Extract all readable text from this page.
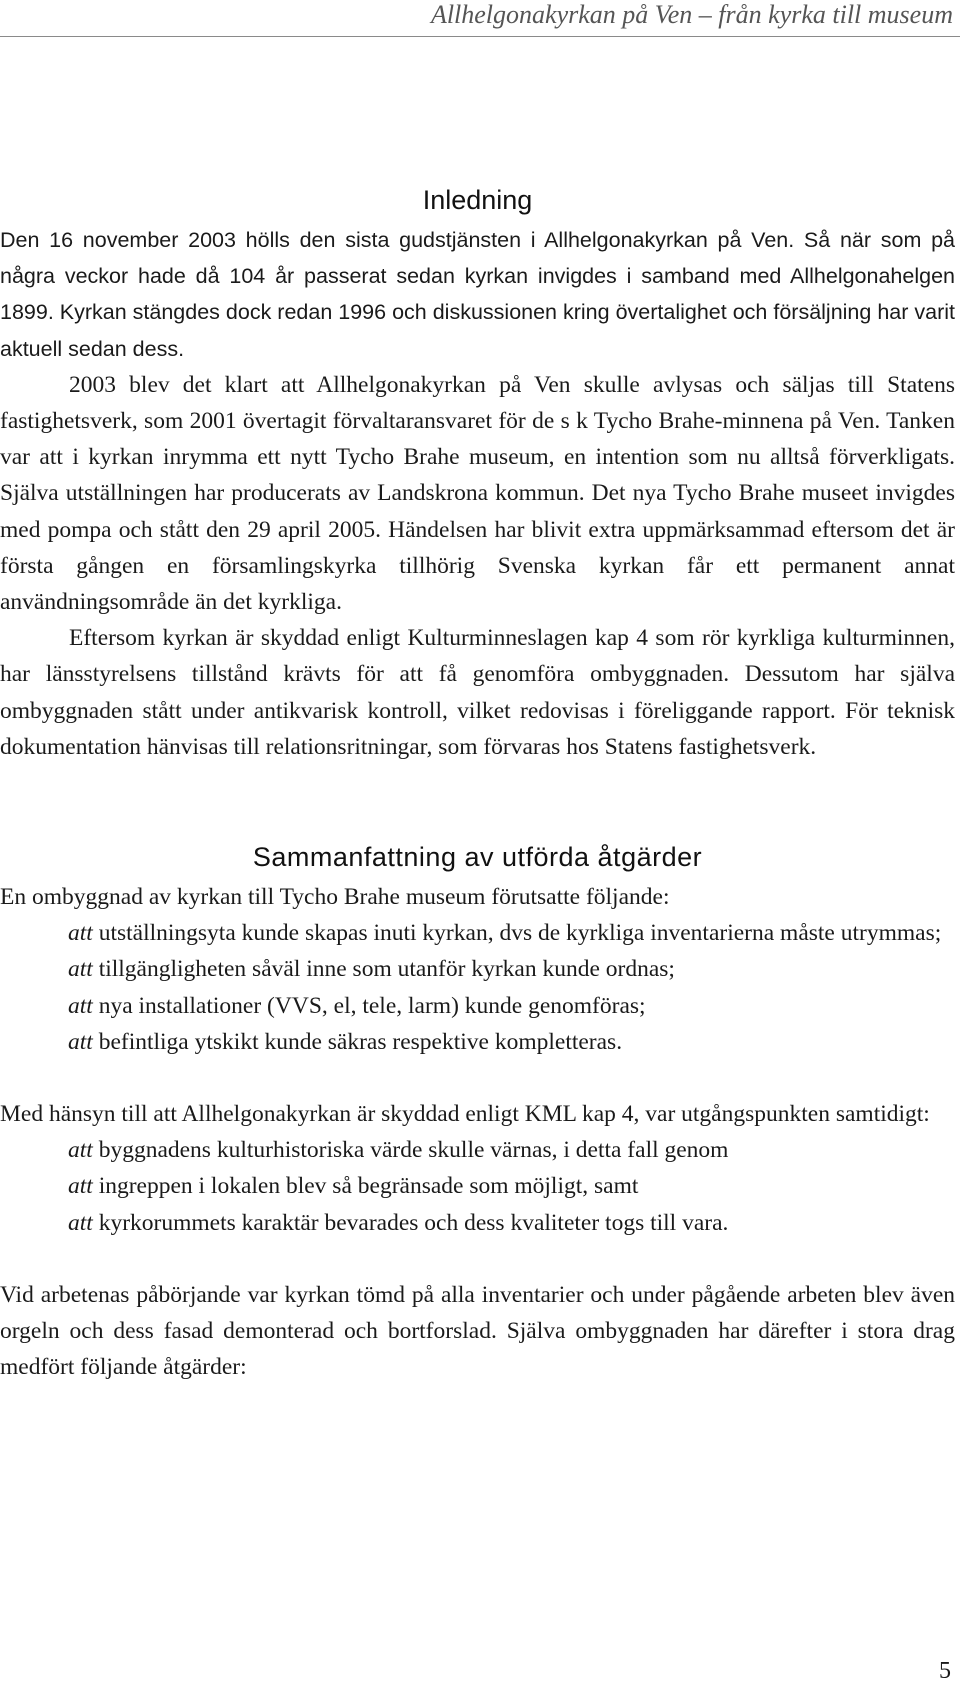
Allhelgonakyrkan på Ven – från kyrka till museum
Inledning

Den 16 november 2003 hölls den sista gudstjänsten i Allhelgonakyrkan på Ven. Så när som på några veckor hade då 104 år passerat sedan kyrkan invigdes i samband med Allhelgonahelgen 1899. Kyrkan stängdes dock redan 1996 och diskussionen kring övertalighet och försäljning har varit aktuell sedan dess.

2003 blev det klart att Allhelgonakyrkan på Ven skulle avlysas och säljas till Statens fastighetsverk, som 2001 övertagit förvaltaransvaret för de s k Tycho Brahe-minnena på Ven. Tanken var att i kyrkan inrymma ett nytt Tycho Brahe museum, en intention som nu alltså förverkligats. Själva utställningen har producerats av Landskrona kommun. Det nya Tycho Brahe museet invigdes med pompa och stått den 29 april 2005. Händelsen har blivit extra uppmärksammad eftersom det är första gången en församlingskyrka tillhörig Svenska kyrkan får ett permanent annat användningsområde än det kyrkliga.

Eftersom kyrkan är skyddad enligt Kulturminneslagen kap 4 som rör kyrkliga kulturminnen, har länsstyrelsens tillstånd krävts för att få genomföra ombyggnaden. Dessutom har själva ombyggnaden stått under antikvarisk kontroll, vilket redovisas i föreliggande rapport. För teknisk dokumentation hänvisas till relationsritningar, som förvaras hos Statens fastighetsverk.

Sammanfattning av utförda åtgärder

En ombyggnad av kyrkan till Tycho Brahe museum förutsatte följande:

att utställningsyta kunde skapas inuti kyrkan, dvs de kyrkliga inventarierna måste utrymmas;
att tillgängligheten såväl inne som utanför kyrkan kunde ordnas;
att nya installationer (VVS, el, tele, larm) kunde genomföras;
att befintliga ytskikt kunde säkras respektive kompletteras.

Med hänsyn till att Allhelgonakyrkan är skyddad enligt KML kap 4, var utgångspunkten samtidigt:

att byggnadens kulturhistoriska värde skulle värnas, i detta fall genom
att ingreppen i lokalen blev så begränsade som möjligt, samt
att kyrkorummets karaktär bevarades och dess kvaliteter togs till vara.

Vid arbetenas påbörjande var kyrkan tömd på alla inventarier och under pågående arbeten blev även orgeln och dess fasad demonterad och bortforslad. Själva ombyggnaden har därefter i stora drag medfört följande åtgärder:

5
